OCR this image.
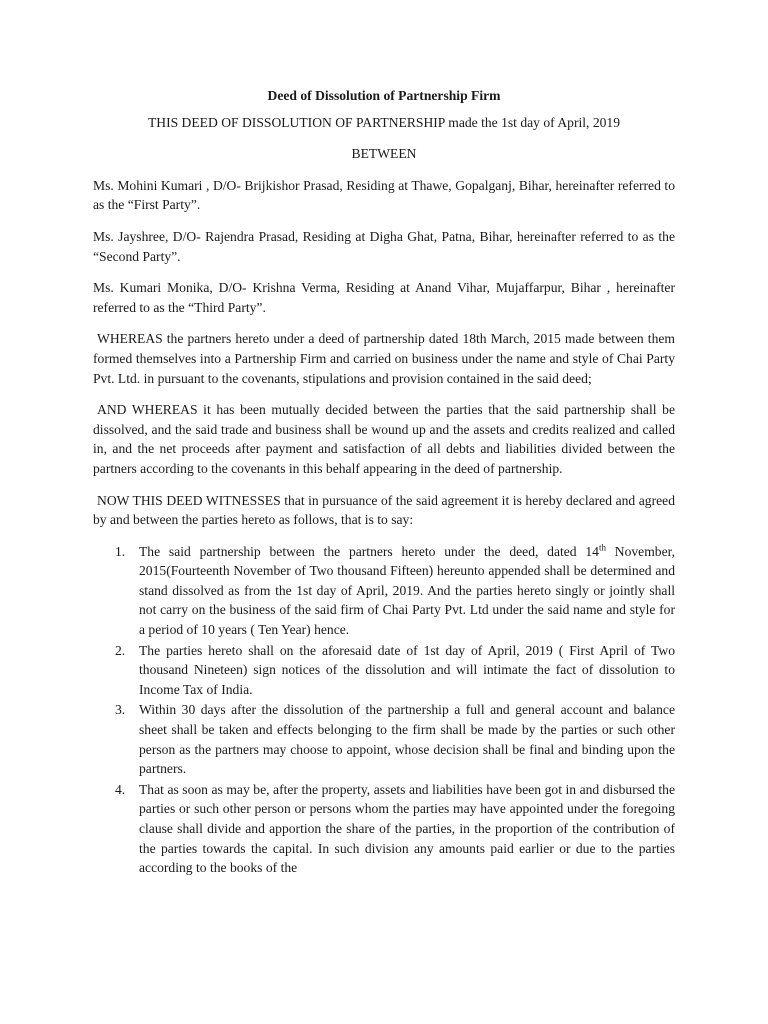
Deed of Dissolution of Partnership Firm
THIS DEED OF DISSOLUTION OF PARTNERSHIP made the 1st day of April, 2019
BETWEEN

Ms. Mohini Kumari , D/O- Brijkishor Prasad, Residing at Thawe, Gopalganj, Bihar, hereinafter referred to as the “First Party”.

Ms. Jayshree, D/O- Rajendra Prasad, Residing at Digha Ghat, Patna, Bihar, hereinafter referred to as the “Second Party”.

Ms. Kumari Monika, D/O- Krishna Verma, Residing at Anand Vihar, Mujaffarpur, Bihar , hereinafter referred to as the “Third Party”.

WHEREAS the partners hereto under a deed of partnership dated 18th March, 2015 made between them formed themselves into a Partnership Firm and carried on business under the name and style of Chai Party Pvt. Ltd. in pursuant to the covenants, stipulations and provision contained in the said deed;

AND WHEREAS it has been mutually decided between the parties that the said partnership shall be dissolved, and the said trade and business shall be wound up and the assets and credits realized and called in, and the net proceeds after payment and satisfaction of all debts and liabilities divided between the partners according to the covenants in this behalf appearing in the deed of partnership.

NOW THIS DEED WITNESSES that in pursuance of the said agreement it is hereby declared and agreed by and between the parties hereto as follows, that is to say:

1. The said partnership between the partners hereto under the deed, dated 14th November, 2015(Fourteenth November of Two thousand Fifteen) hereunto appended shall be determined and stand dissolved as from the 1st day of April, 2019. And the parties hereto singly or jointly shall not carry on the business of the said firm of Chai Party Pvt. Ltd under the said name and style for a period of 10 years ( Ten Year) hence.
2. The parties hereto shall on the aforesaid date of 1st day of April, 2019 ( First April of Two thousand Nineteen) sign notices of the dissolution and will intimate the fact of dissolution to Income Tax of India.
3. Within 30 days after the dissolution of the partnership a full and general account and balance sheet shall be taken and effects belonging to the firm shall be made by the parties or such other person as the partners may choose to appoint, whose decision shall be final and binding upon the partners.
4. That as soon as may be, after the property, assets and liabilities have been got in and disbursed the parties or such other person or persons whom the parties may have appointed under the foregoing clause shall divide and apportion the share of the parties, in the proportion of the contribution of the parties towards the capital. In such division any amounts paid earlier or due to the parties according to the books of the
